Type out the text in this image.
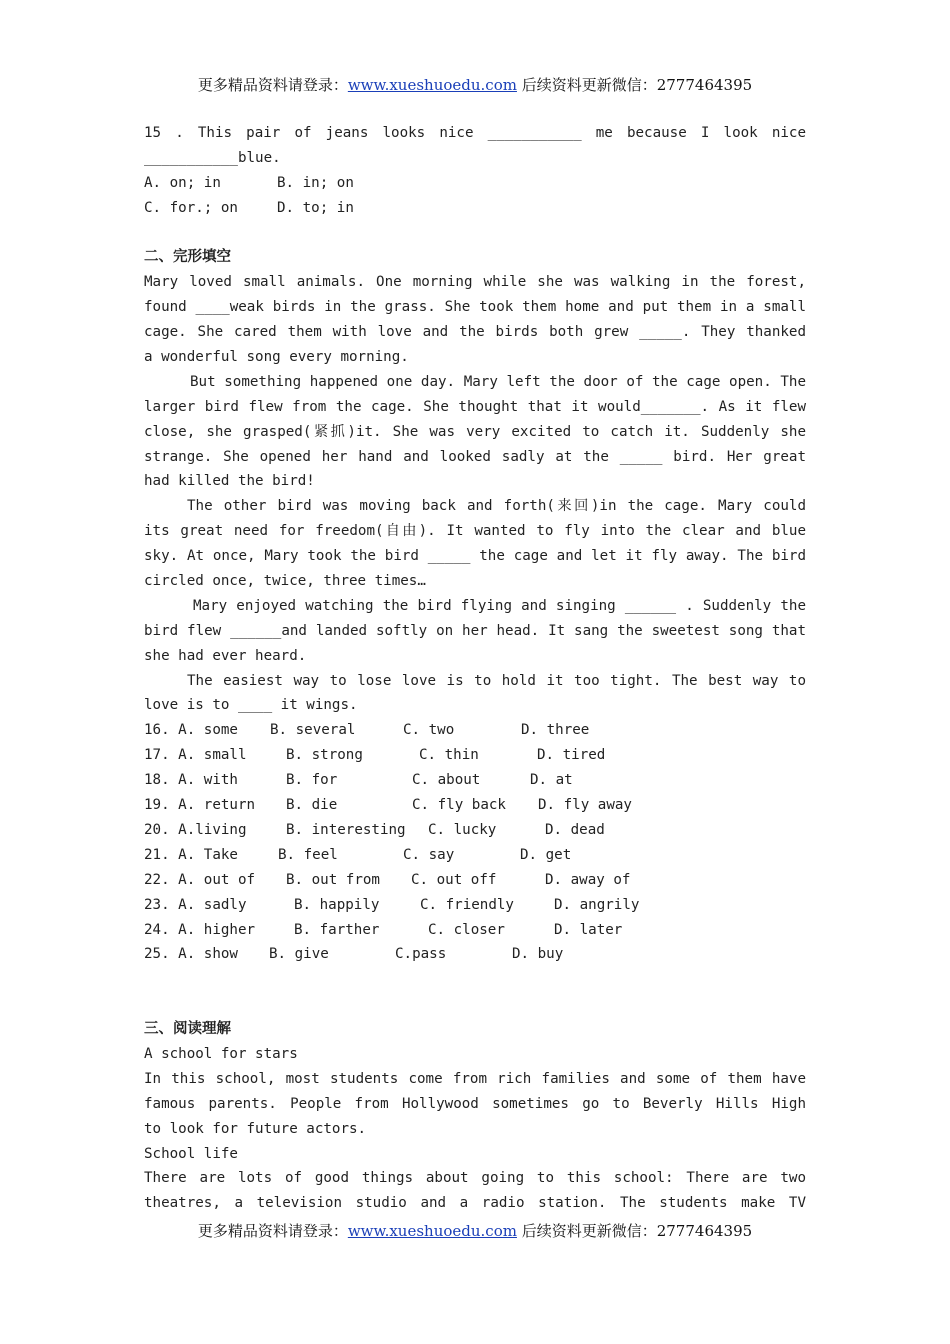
更多精品资料请登录：www.xueshuoedu.com 后续资料更新微信：2777464395
15 . This pair of jeans looks nice ___________ me because I look nice
___________blue.
A. on; in	B. in; on
C. for.; on	D. to; in
二、完形填空
Mary loved small animals. One morning while she was walking in the forest,
found ____weak birds in the grass. She took them home and put them in a small
cage. She cared them with love and the birds both grew _____. They thanked
a wonderful song every morning.
But something happened one day. Mary left the door of the cage open. The
larger bird flew from the cage. She thought that it would_______. As it flew
close, she grasped(紧抓)it. She was very excited to catch it. Suddenly she
strange. She opened her hand and looked sadly at the _____ bird. Her great
had killed the bird!
The other bird was moving back and forth(来回)in the cage. Mary could
its great need for freedom(自由). It wanted to fly into the clear and blue
sky. At once, Mary took the bird _____ the cage and let it fly away. The bird
circled once, twice, three times…
Mary enjoyed watching the bird flying and singing ______ . Suddenly the
bird flew ______and landed softly on her head. It sang the sweetest song that
she had ever heard.
The easiest way to lose love is to hold it too tight. The best way to
love is to ____ it wings.
16. A. some B. several	C. two	D. three
17. A. small	B. strong	C. thin	D. tired
18. A. with	B. for	C. about	D. at
19. A. return B. die	C. fly back D. fly away
20. A.living	B. interesting C. lucky	D. dead
21. A. Take	B. feel	C. say	D. get
22. A. out of B. out from C. out off	D. away of
23. A. sadly	B. happily	C. friendly	D. angrily
24. A. higher	B. farther	C. closer	D. later
25. A. show B. give	C.pass	D. buy
三、阅读理解
A school for stars
In this school, most students come from rich families and some of them have
famous parents. People from Hollywood sometimes go to Beverly Hills High
to look for future actors.
School life
There are lots of good things about going to this school: There are two
theatres, a television studio and a radio station. The students make TV
更多精品资料请登录：www.xueshuoedu.com 后续资料更新微信：2777464395
